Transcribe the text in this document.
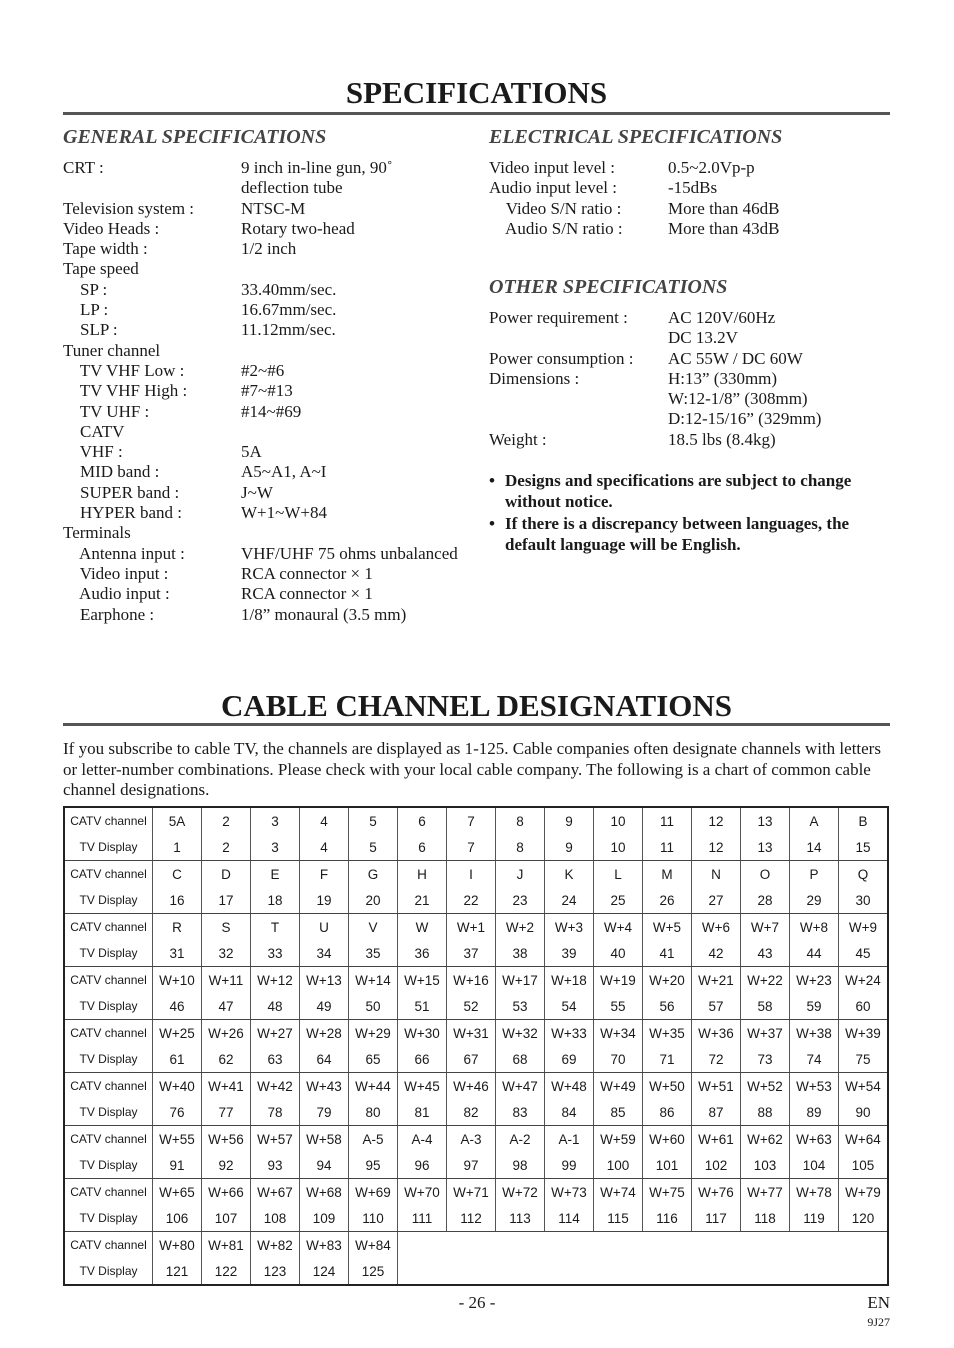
SPECIFICATIONS
GENERAL SPECIFICATIONS
CRT :	9 inch in-line gun, 90˚ deflection tube
Television system :	NTSC-M
Video Heads :	Rotary two-head
Tape width :	1/2 inch
Tape speed
SP :	33.40mm/sec.
LP :	16.67mm/sec.
SLP :	11.12mm/sec.
Tuner channel
TV VHF Low :	#2~#6
TV VHF High :	#7~#13
TV UHF :	#14~#69
CATV
VHF :	5A
MID band :	A5~A1, A~I
SUPER band :	J~W
HYPER band :	W+1~W+84
Terminals
Antenna input :	VHF/UHF 75 ohms unbalanced
Video input :	RCA connector × 1
Audio input :	RCA connector × 1
Earphone :	1/8” monaural (3.5 mm)
ELECTRICAL SPECIFICATIONS
Video input level :	0.5~2.0Vp-p
Audio input level :	-15dBs
Video S/N ratio :	More than 46dB
Audio S/N ratio :	More than 43dB
OTHER SPECIFICATIONS
Power requirement :	AC 120V/60Hz
DC 13.2V
Power consumption :	AC 55W / DC 60W
Dimensions :	H:13” (330mm)
W:12-1/8” (308mm)
D:12-15/16” (329mm)
Weight :	18.5 lbs (8.4kg)
• Designs and specifications are subject to change without notice.
• If there is a discrepancy between languages, the default language will be English.
CABLE CHANNEL DESIGNATIONS

If you subscribe to cable TV, the channels are displayed as 1-125. Cable companies often designate channels with letters or letter-number combinations. Please check with your local cable company. The following is a chart of common cable channel designations.

CATV channel	5A	2	3	4	5	6	7	8	9	10	11	12	13	A	B
TV Display	1	2	3	4	5	6	7	8	9	10	11	12	13	14	15
CATV channel	C	D	E	F	G	H	I	J	K	L	M	N	O	P	Q
TV Display	16	17	18	19	20	21	22	23	24	25	26	27	28	29	30
CATV channel	R	S	T	U	V	W	W+1	W+2	W+3	W+4	W+5	W+6	W+7	W+8	W+9
TV Display	31	32	33	34	35	36	37	38	39	40	41	42	43	44	45
CATV channel	W+10	W+11	W+12	W+13	W+14	W+15	W+16	W+17	W+18	W+19	W+20	W+21	W+22	W+23	W+24
TV Display	46	47	48	49	50	51	52	53	54	55	56	57	58	59	60
CATV channel	W+25	W+26	W+27	W+28	W+29	W+30	W+31	W+32	W+33	W+34	W+35	W+36	W+37	W+38	W+39
TV Display	61	62	63	64	65	66	67	68	69	70	71	72	73	74	75
CATV channel	W+40	W+41	W+42	W+43	W+44	W+45	W+46	W+47	W+48	W+49	W+50	W+51	W+52	W+53	W+54
TV Display	76	77	78	79	80	81	82	83	84	85	86	87	88	89	90
CATV channel	W+55	W+56	W+57	W+58	A-5	A-4	A-3	A-2	A-1	W+59	W+60	W+61	W+62	W+63	W+64
TV Display	91	92	93	94	95	96	97	98	99	100	101	102	103	104	105
CATV channel	W+65	W+66	W+67	W+68	W+69	W+70	W+71	W+72	W+73	W+74	W+75	W+76	W+77	W+78	W+79
TV Display	106	107	108	109	110	111	112	113	114	115	116	117	118	119	120
CATV channel	W+80	W+81	W+82	W+83	W+84										
TV Display	121	122	123	124	125										
- 26 -	EN
9J27
